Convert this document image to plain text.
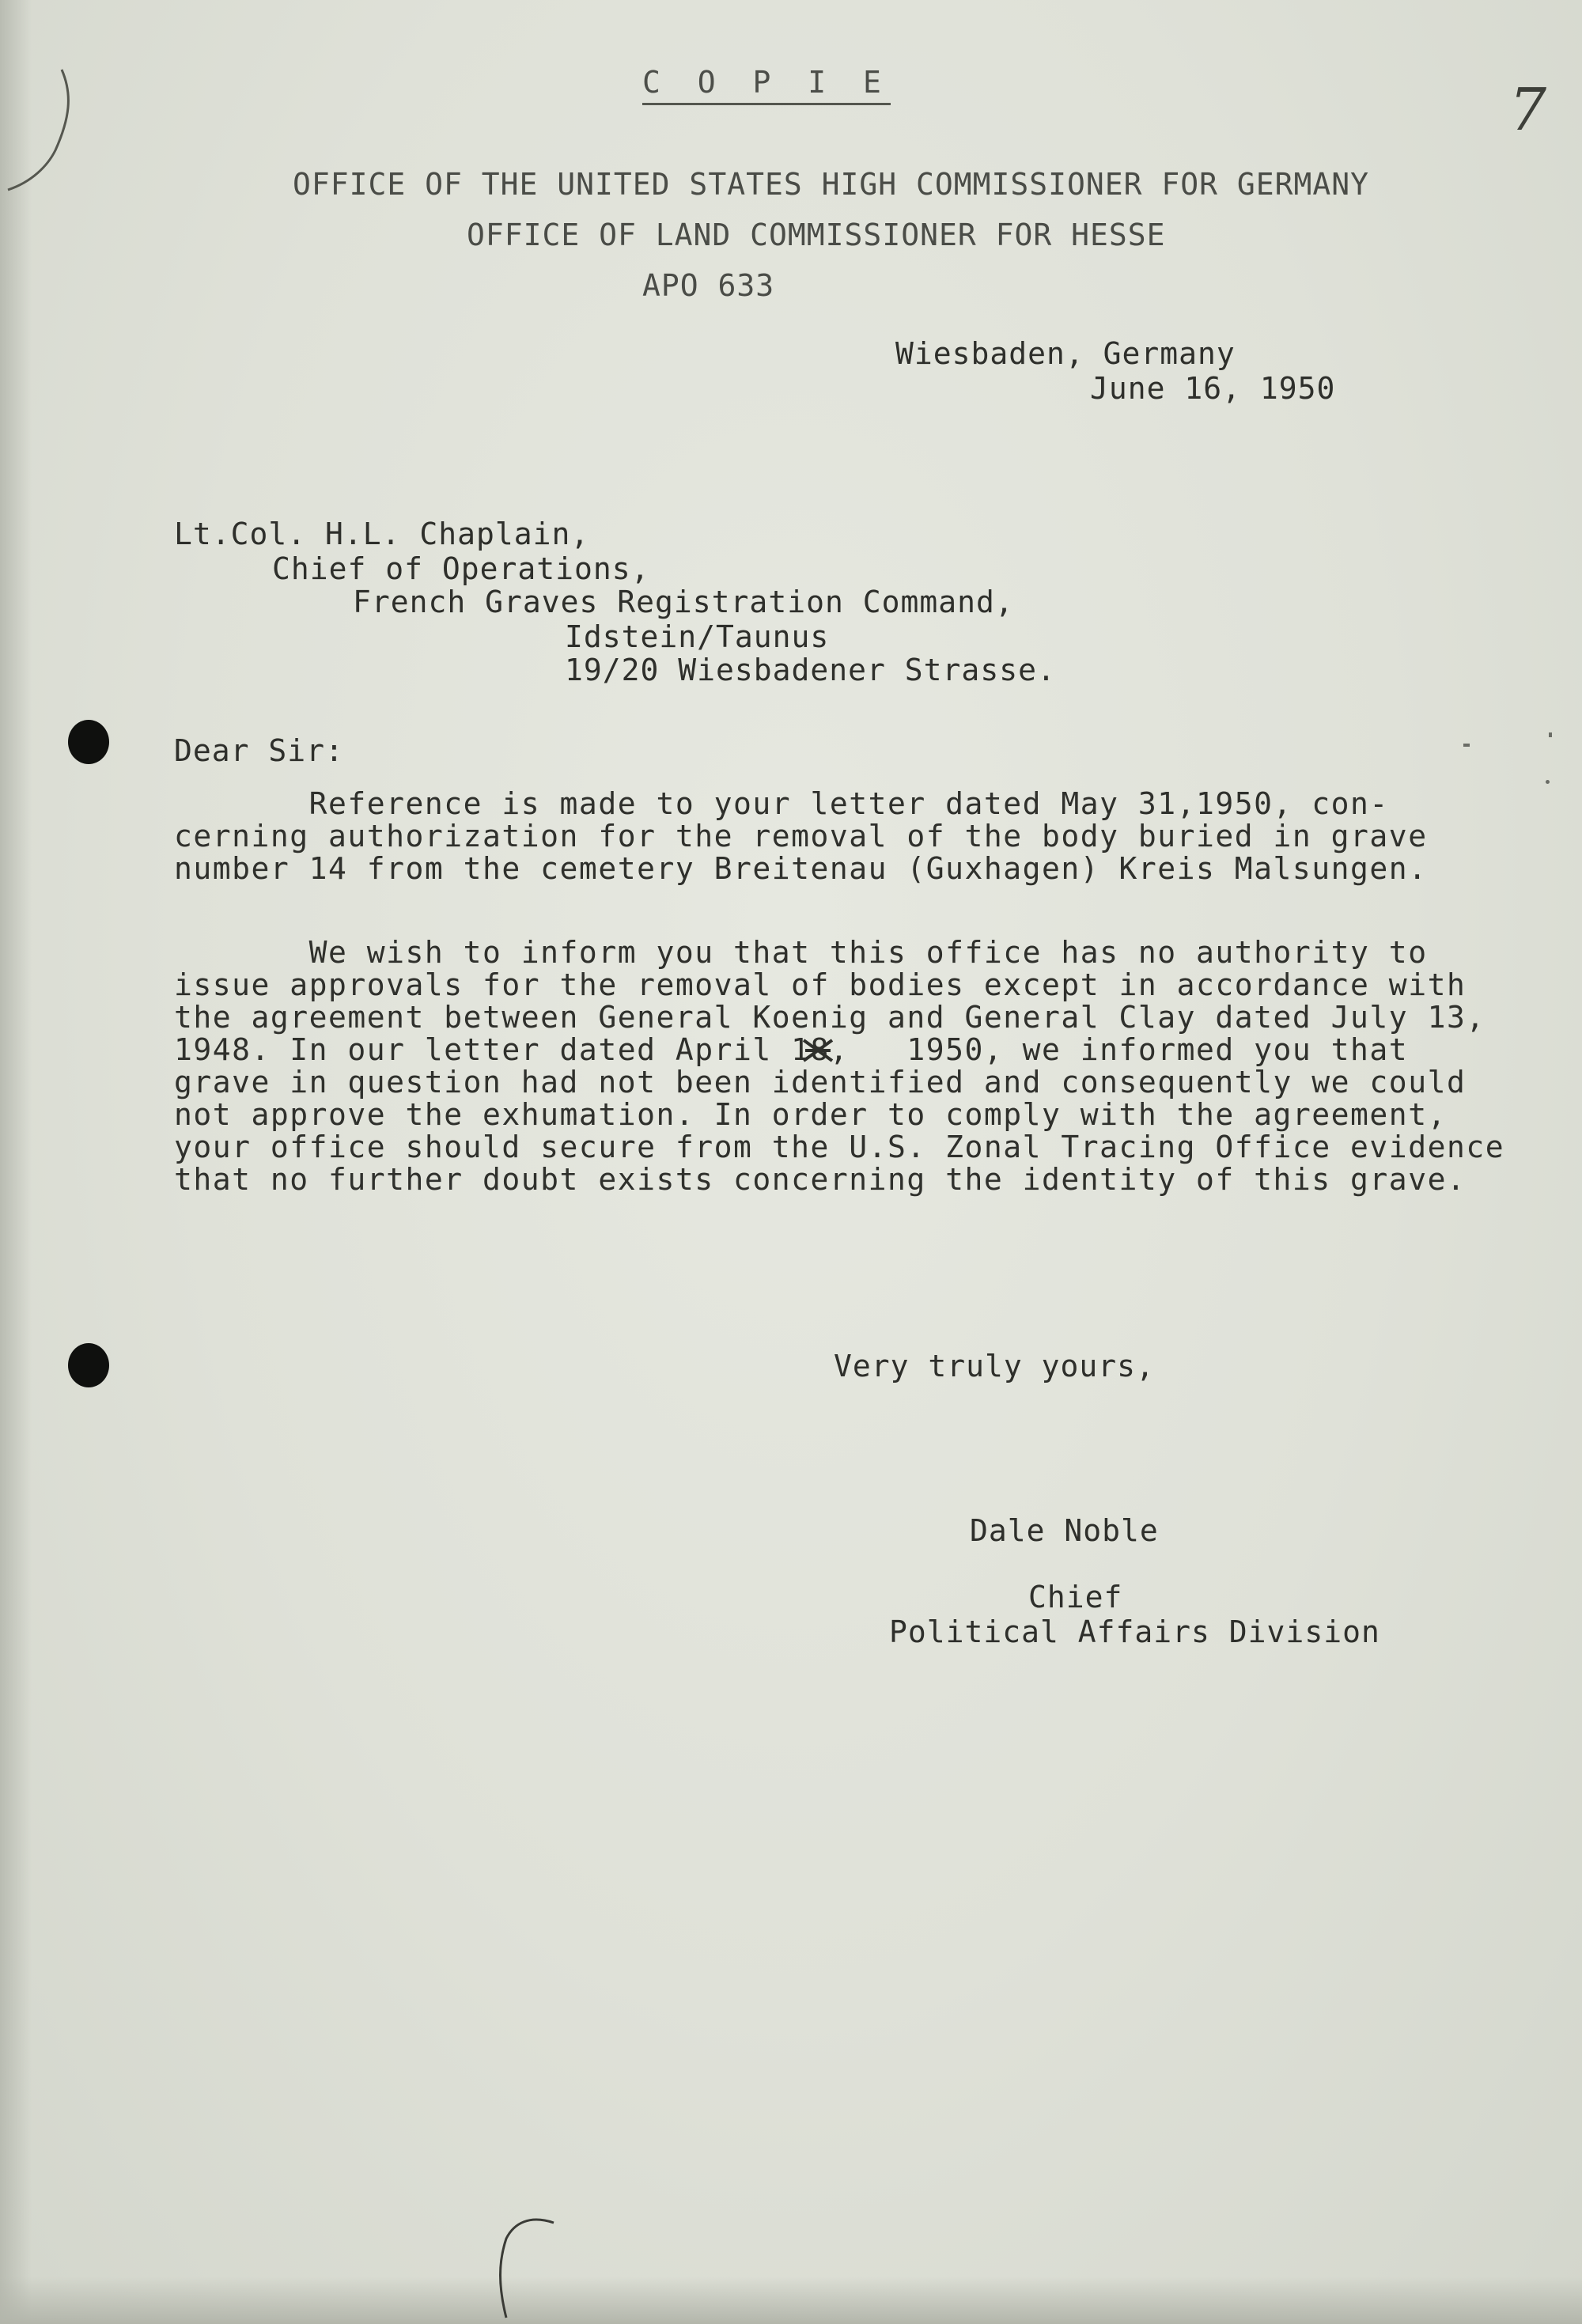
C O P I E	7
OFFICE OF THE UNITED STATES HIGH COMMISSIONER FOR GERMANY
OFFICE OF LAND COMMISSIONER FOR HESSE
APO 633
Wiesbaden, Germany
June 16, 1950
Lt.Col. H.L. Chaplain,
Chief of Operations,
French Graves Registration Command,
Idstein/Taunus
19/20 Wiesbadener Strasse.
Dear Sir:
Reference is made to your letter dated May 31,1950, con-
cerning authorization for the removal of the body buried in grave
number 14 from the cemetery Breitenau (Guxhagen) Kreis Malsungen.
We wish to inform you that this office has no authority to
issue approvals for the removal of bodies except in accordance with
the agreement between General Koenig and General Clay dated July 13,
1948. In our letter dated April 18,   1950, we informed you that
grave in question had not been identified and consequently we could
not approve the exhumation. In order to comply with the agreement,
your office should secure from the U.S. Zonal Tracing Office evidence
that no further doubt exists concerning the identity of this grave.
Very truly yours,
Dale Noble
Chief
Political Affairs Division
